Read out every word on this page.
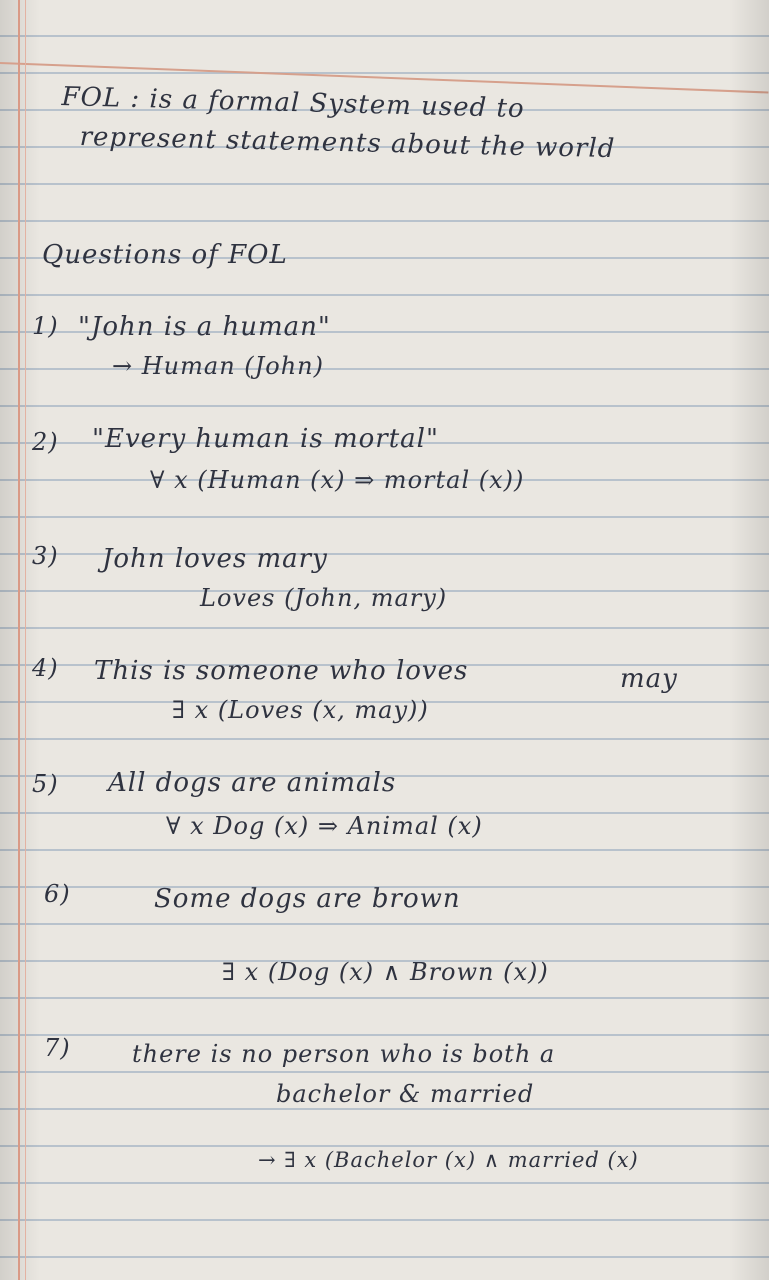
FOL : is a formal System used to
represent statements about the world
Questions of FOL
1) "John is a human"
→ Human (John)
2) "Every human is mortal"
∀ x (Human (x) ⇒ mortal (x))
3) John loves mary
Loves (John, mary)
4) This is someone who loves	may
∃ x (Loves (x, may))
5) All dogs are animals
∀ x Dog (x) ⇒ Animal (x)
6)	Some dogs are brown
∃ x (Dog (x) ∧ Brown (x))
7)	there is no person who is both a
bachelor & married
→ ∃ x (Bachelor (x) ∧ married (x)
